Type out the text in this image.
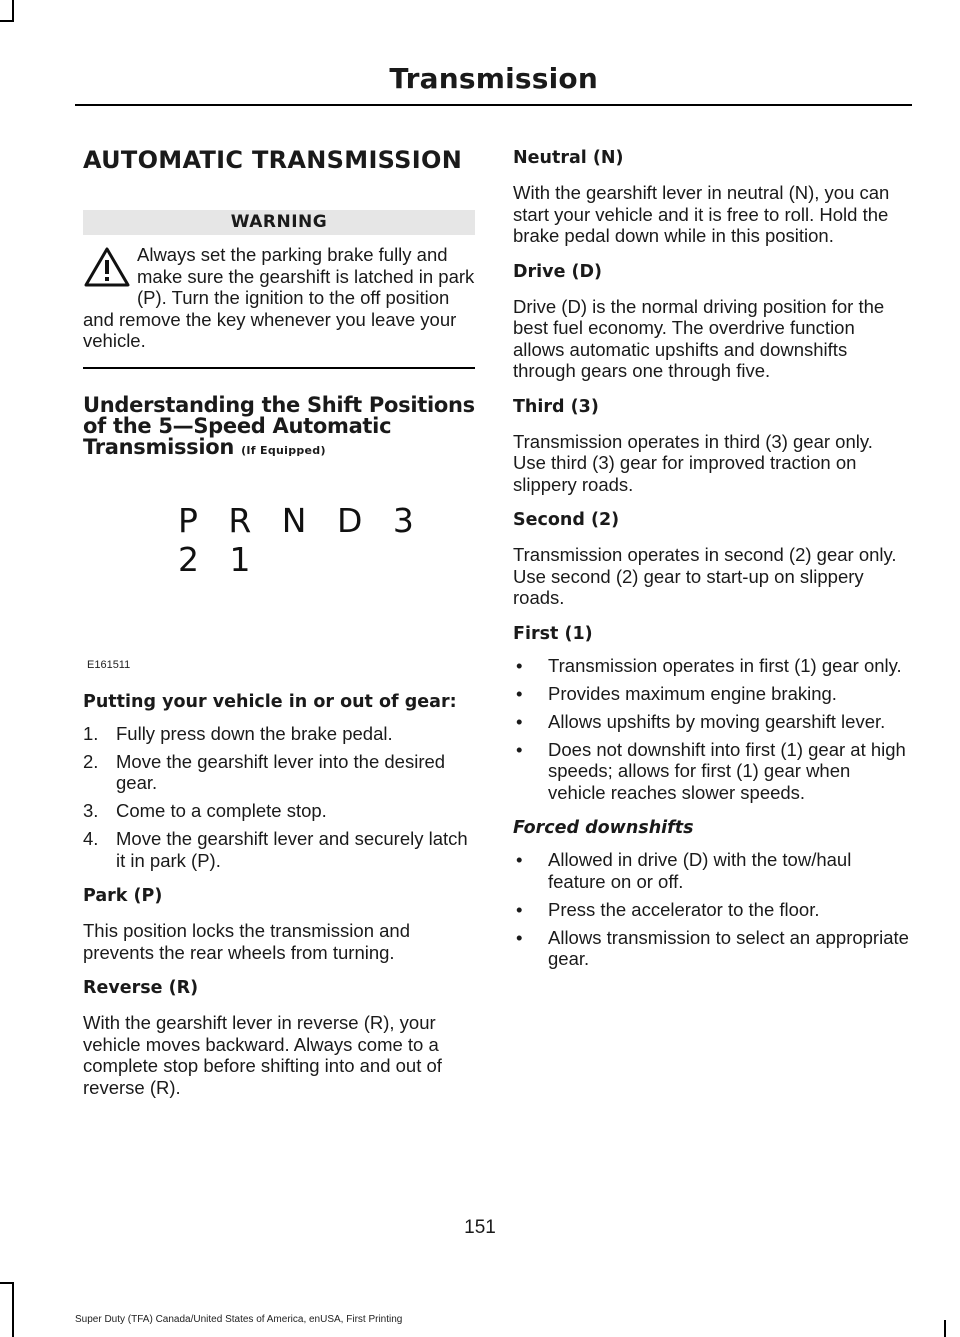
Transmission
AUTOMATIC TRANSMISSION
WARNING
Always set the parking brake fully and make sure the gearshift is latched in park (P). Turn the ignition to the off position and remove the key whenever you leave your vehicle.
Understanding the Shift Positions of the 5—Speed Automatic Transmission (If Equipped)
P R N D 3 2 1
E161511
Putting your vehicle in or out of gear:
1. Fully press down the brake pedal.
2. Move the gearshift lever into the desired gear.
3. Come to a complete stop.
4. Move the gearshift lever and securely latch it in park (P).
Park (P)
This position locks the transmission and prevents the rear wheels from turning.
Reverse (R)
With the gearshift lever in reverse (R), your vehicle moves backward. Always come to a complete stop before shifting into and out of reverse (R).
Neutral (N)
With the gearshift lever in neutral (N), you can start your vehicle and it is free to roll. Hold the brake pedal down while in this position.
Drive (D)
Drive (D) is the normal driving position for the best fuel economy. The overdrive function allows automatic upshifts and downshifts through gears one through five.
Third (3)
Transmission operates in third (3) gear only. Use third (3) gear for improved traction on slippery roads.
Second (2)
Transmission operates in second (2) gear only. Use second (2) gear to start-up on slippery roads.
First (1)
•	Transmission operates in first (1) gear only.
•	Provides maximum engine braking.
•	Allows upshifts by moving gearshift lever.
•	Does not downshift into first (1) gear at high speeds; allows for first (1) gear when vehicle reaches slower speeds.
Forced downshifts
•	Allowed in drive (D) with the tow/haul feature on or off.
•	Press the accelerator to the floor.
•	Allows transmission to select an appropriate gear.
151
Super Duty (TFA) Canada/United States of America, enUSA, First Printing
